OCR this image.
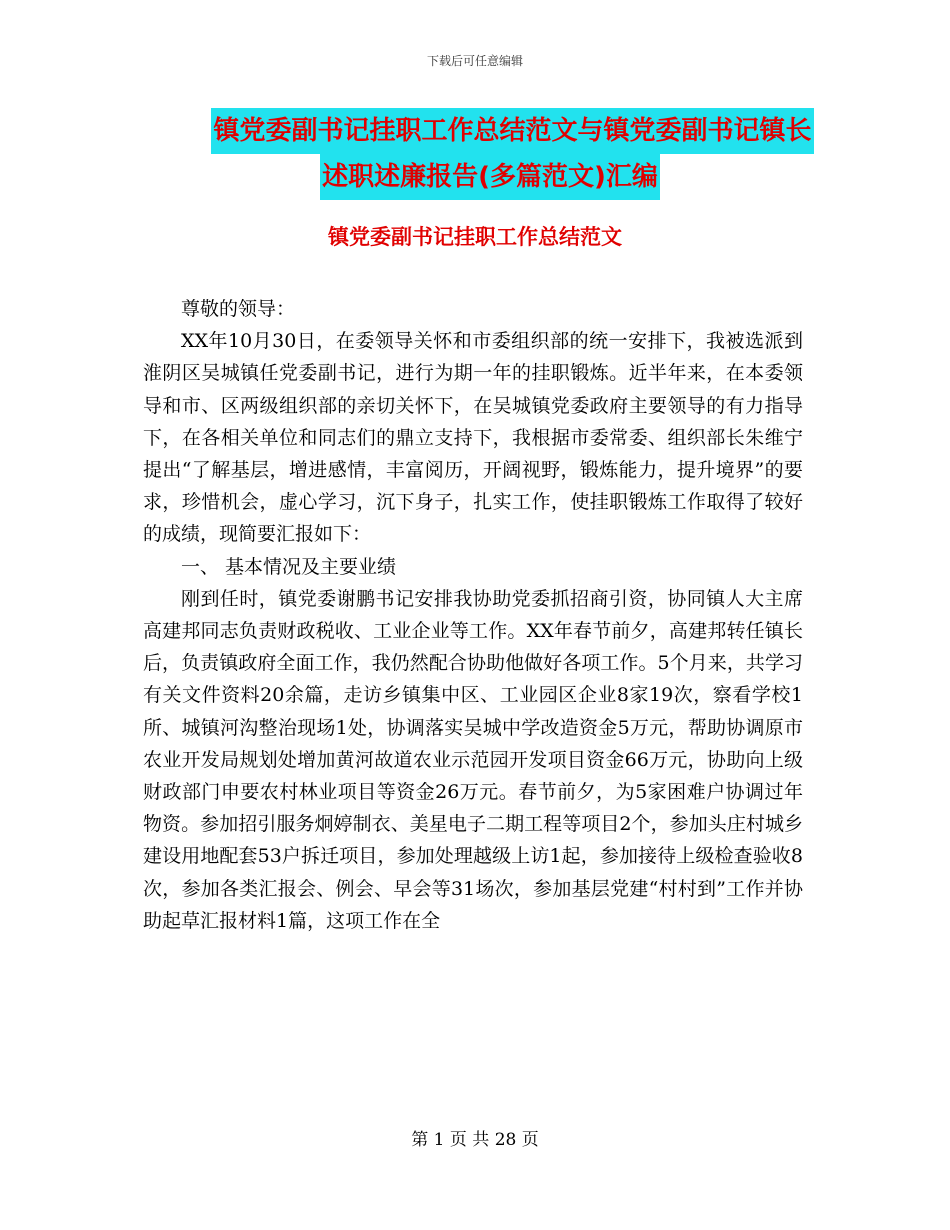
下载后可任意编辑
镇党委副书记挂职工作总结范文与镇党委副书记镇长
述职述廉报告(多篇范文)汇编
镇党委副书记挂职工作总结范文

尊敬的领导：

XX年10月30日，在委领导关怀和市委组织部的统一安排下，我被选派到淮阴区吴城镇任党委副书记，进行为期一年的挂职锻炼。近半年来，在本委领导和市、区两级组织部的亲切关怀下，在吴城镇党委政府主要领导的有力指导下，在各相关单位和同志们的鼎立支持下，我根据市委常委、组织部长朱维宁提出“了解基层，增进感情，丰富阅历，开阔视野，锻炼能力，提升境界”的要求，珍惜机会，虚心学习，沉下身子，扎实工作，使挂职锻炼工作取得了较好的成绩，现简要汇报如下：

一、 基本情况及主要业绩

刚到任时，镇党委谢鹏书记安排我协助党委抓招商引资，协同镇人大主席高建邦同志负责财政税收、工业企业等工作。XX年春节前夕，高建邦转任镇长后，负责镇政府全面工作，我仍然配合协助他做好各项工作。5个月来，共学习有关文件资料20余篇，走访乡镇集中区、工业园区企业8家19次，察看学校1所、城镇河沟整治现场1处，协调落实吴城中学改造资金5万元，帮助协调原市农业开发局规划处增加黄河故道农业示范园开发项目资金66万元，协助向上级财政部门申要农村林业项目等资金26万元。春节前夕，为5家困难户协调过年物资。参加招引服务炯婷制衣、美星电子二期工程等项目2个，参加头庄村城乡建设用地配套53户拆迁项目，参加处理越级上访1起，参加接待上级检查验收8次，参加各类汇报会、例会、早会等31场次，参加基层党建“村村到”工作并协助起草汇报材料1篇，这项工作在全

第 1 页 共 28 页
